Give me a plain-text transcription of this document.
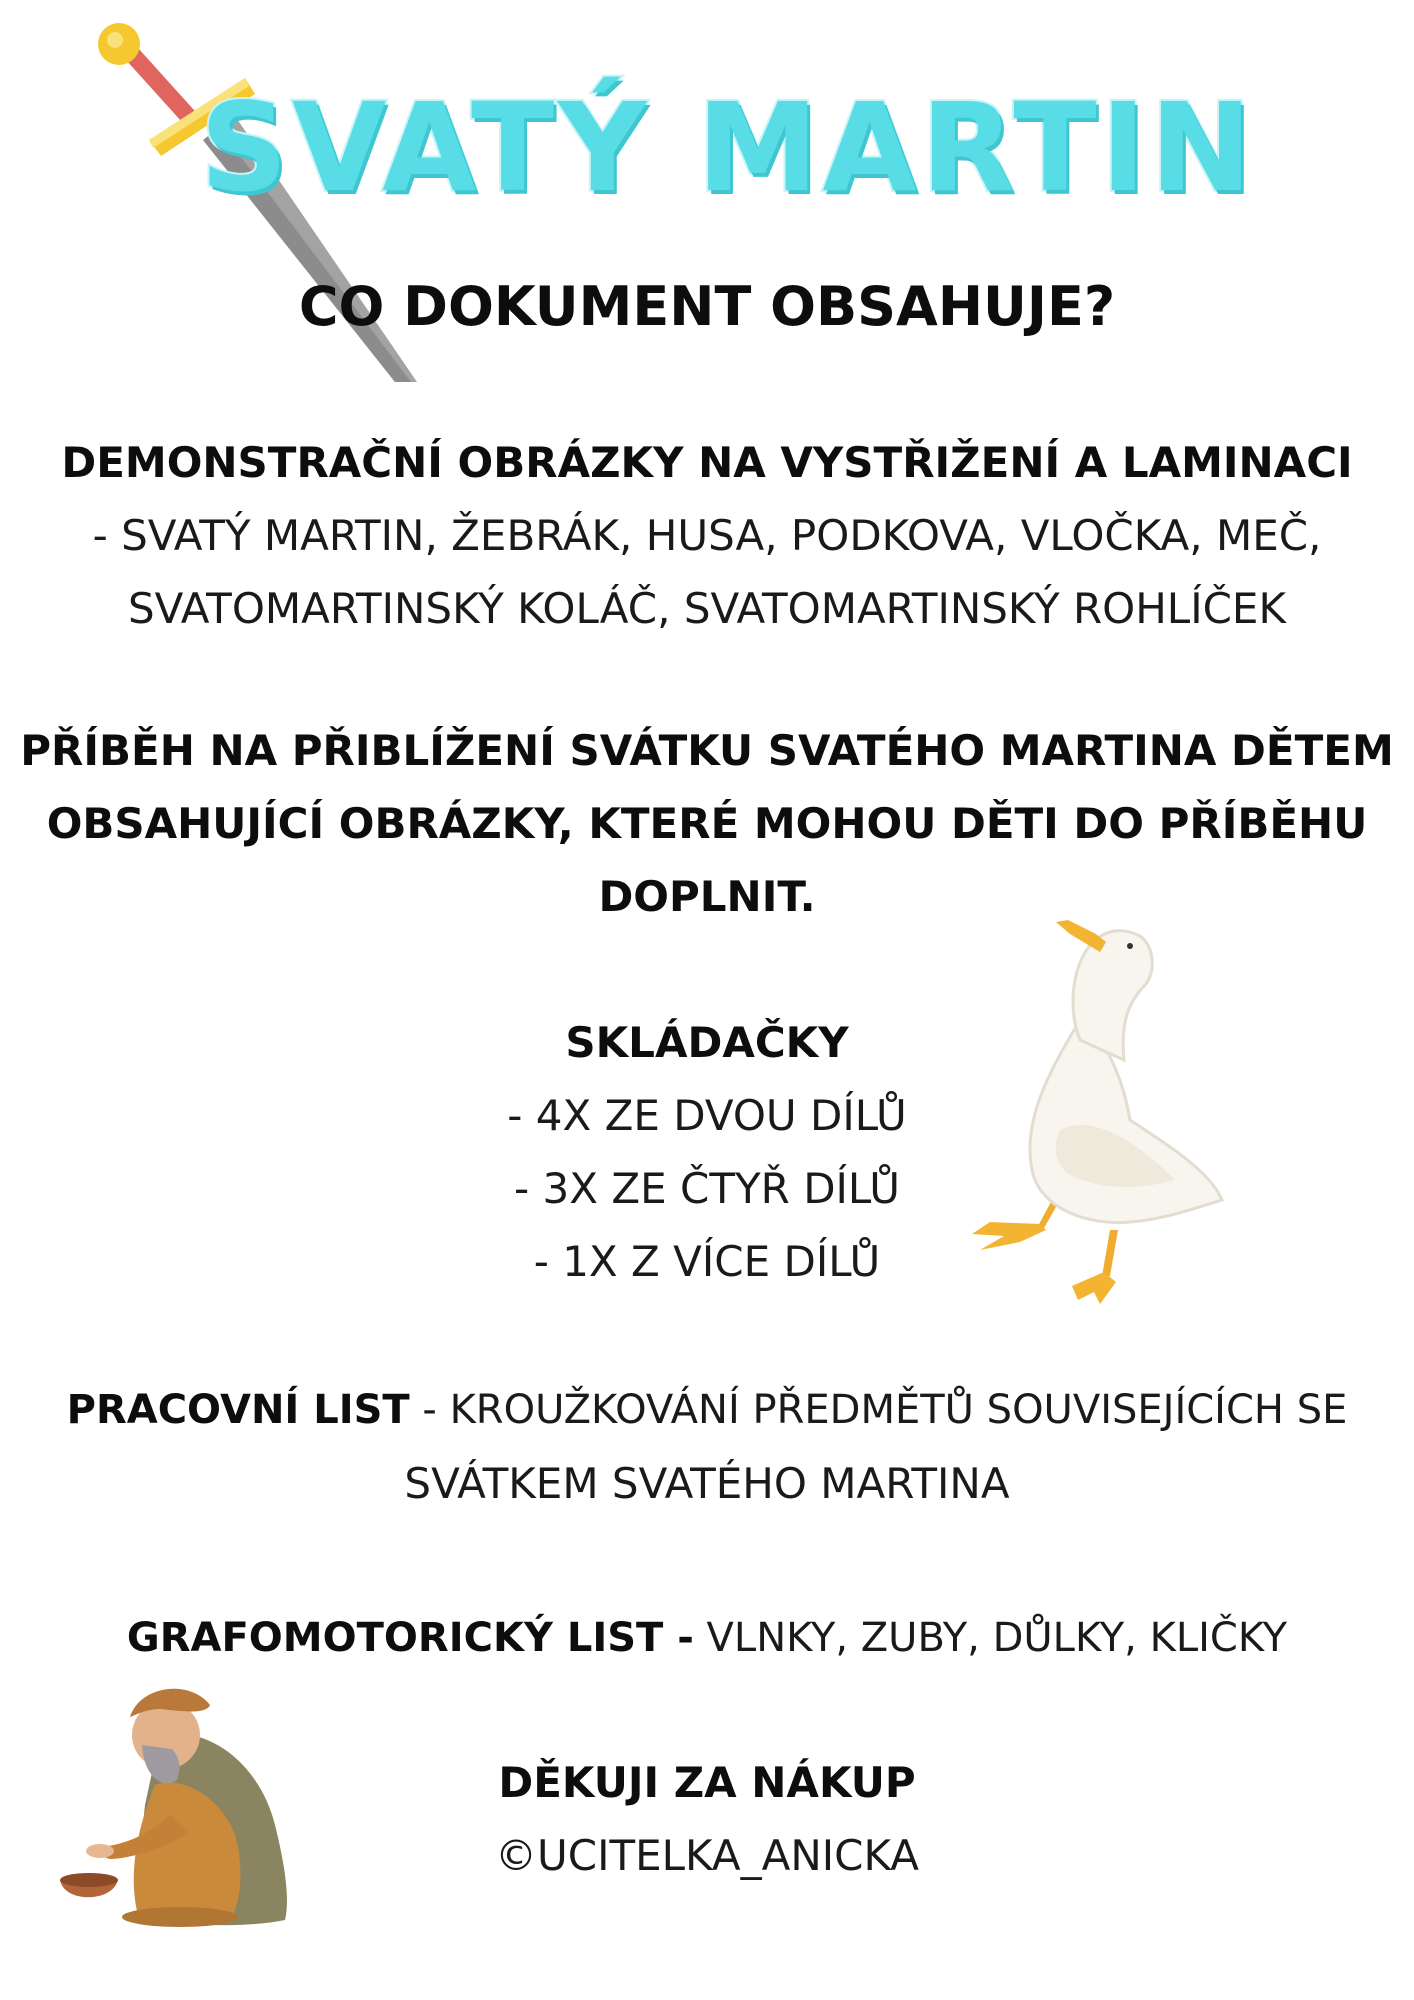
SVATÝ MARTIN
CO DOKUMENT OBSAHUJE?
DEMONSTRAČNÍ OBRÁZKY NA VYSTŘIŽENÍ A LAMINACI
- SVATÝ MARTIN, ŽEBRÁK, HUSA, PODKOVA, VLOČKA, MEČ,
SVATOMARTINSKÝ KOLÁČ, SVATOMARTINSKÝ ROHLÍČEK
PŘÍBĚH NA PŘIBLÍŽENÍ SVÁTKU SVATÉHO MARTINA DĚTEM
OBSAHUJÍCÍ OBRÁZKY, KTERÉ MOHOU DĚTI DO PŘÍBĚHU
DOPLNIT.
SKLÁDAČKY
- 4X ZE DVOU DÍLŮ
- 3X ZE ČTYŘ DÍLŮ
- 1X Z VÍCE DÍLŮ
PRACOVNÍ LIST - KROUŽKOVÁNÍ PŘEDMĚTŮ SOUVISEJÍCÍCH SE
SVÁTKEM SVATÉHO MARTINA
GRAFOMOTORICKÝ LIST - VLNKY, ZUBY, DŮLKY, KLIČKY
DĚKUJI ZA NÁKUP
©UCITELKA_ANICKA
